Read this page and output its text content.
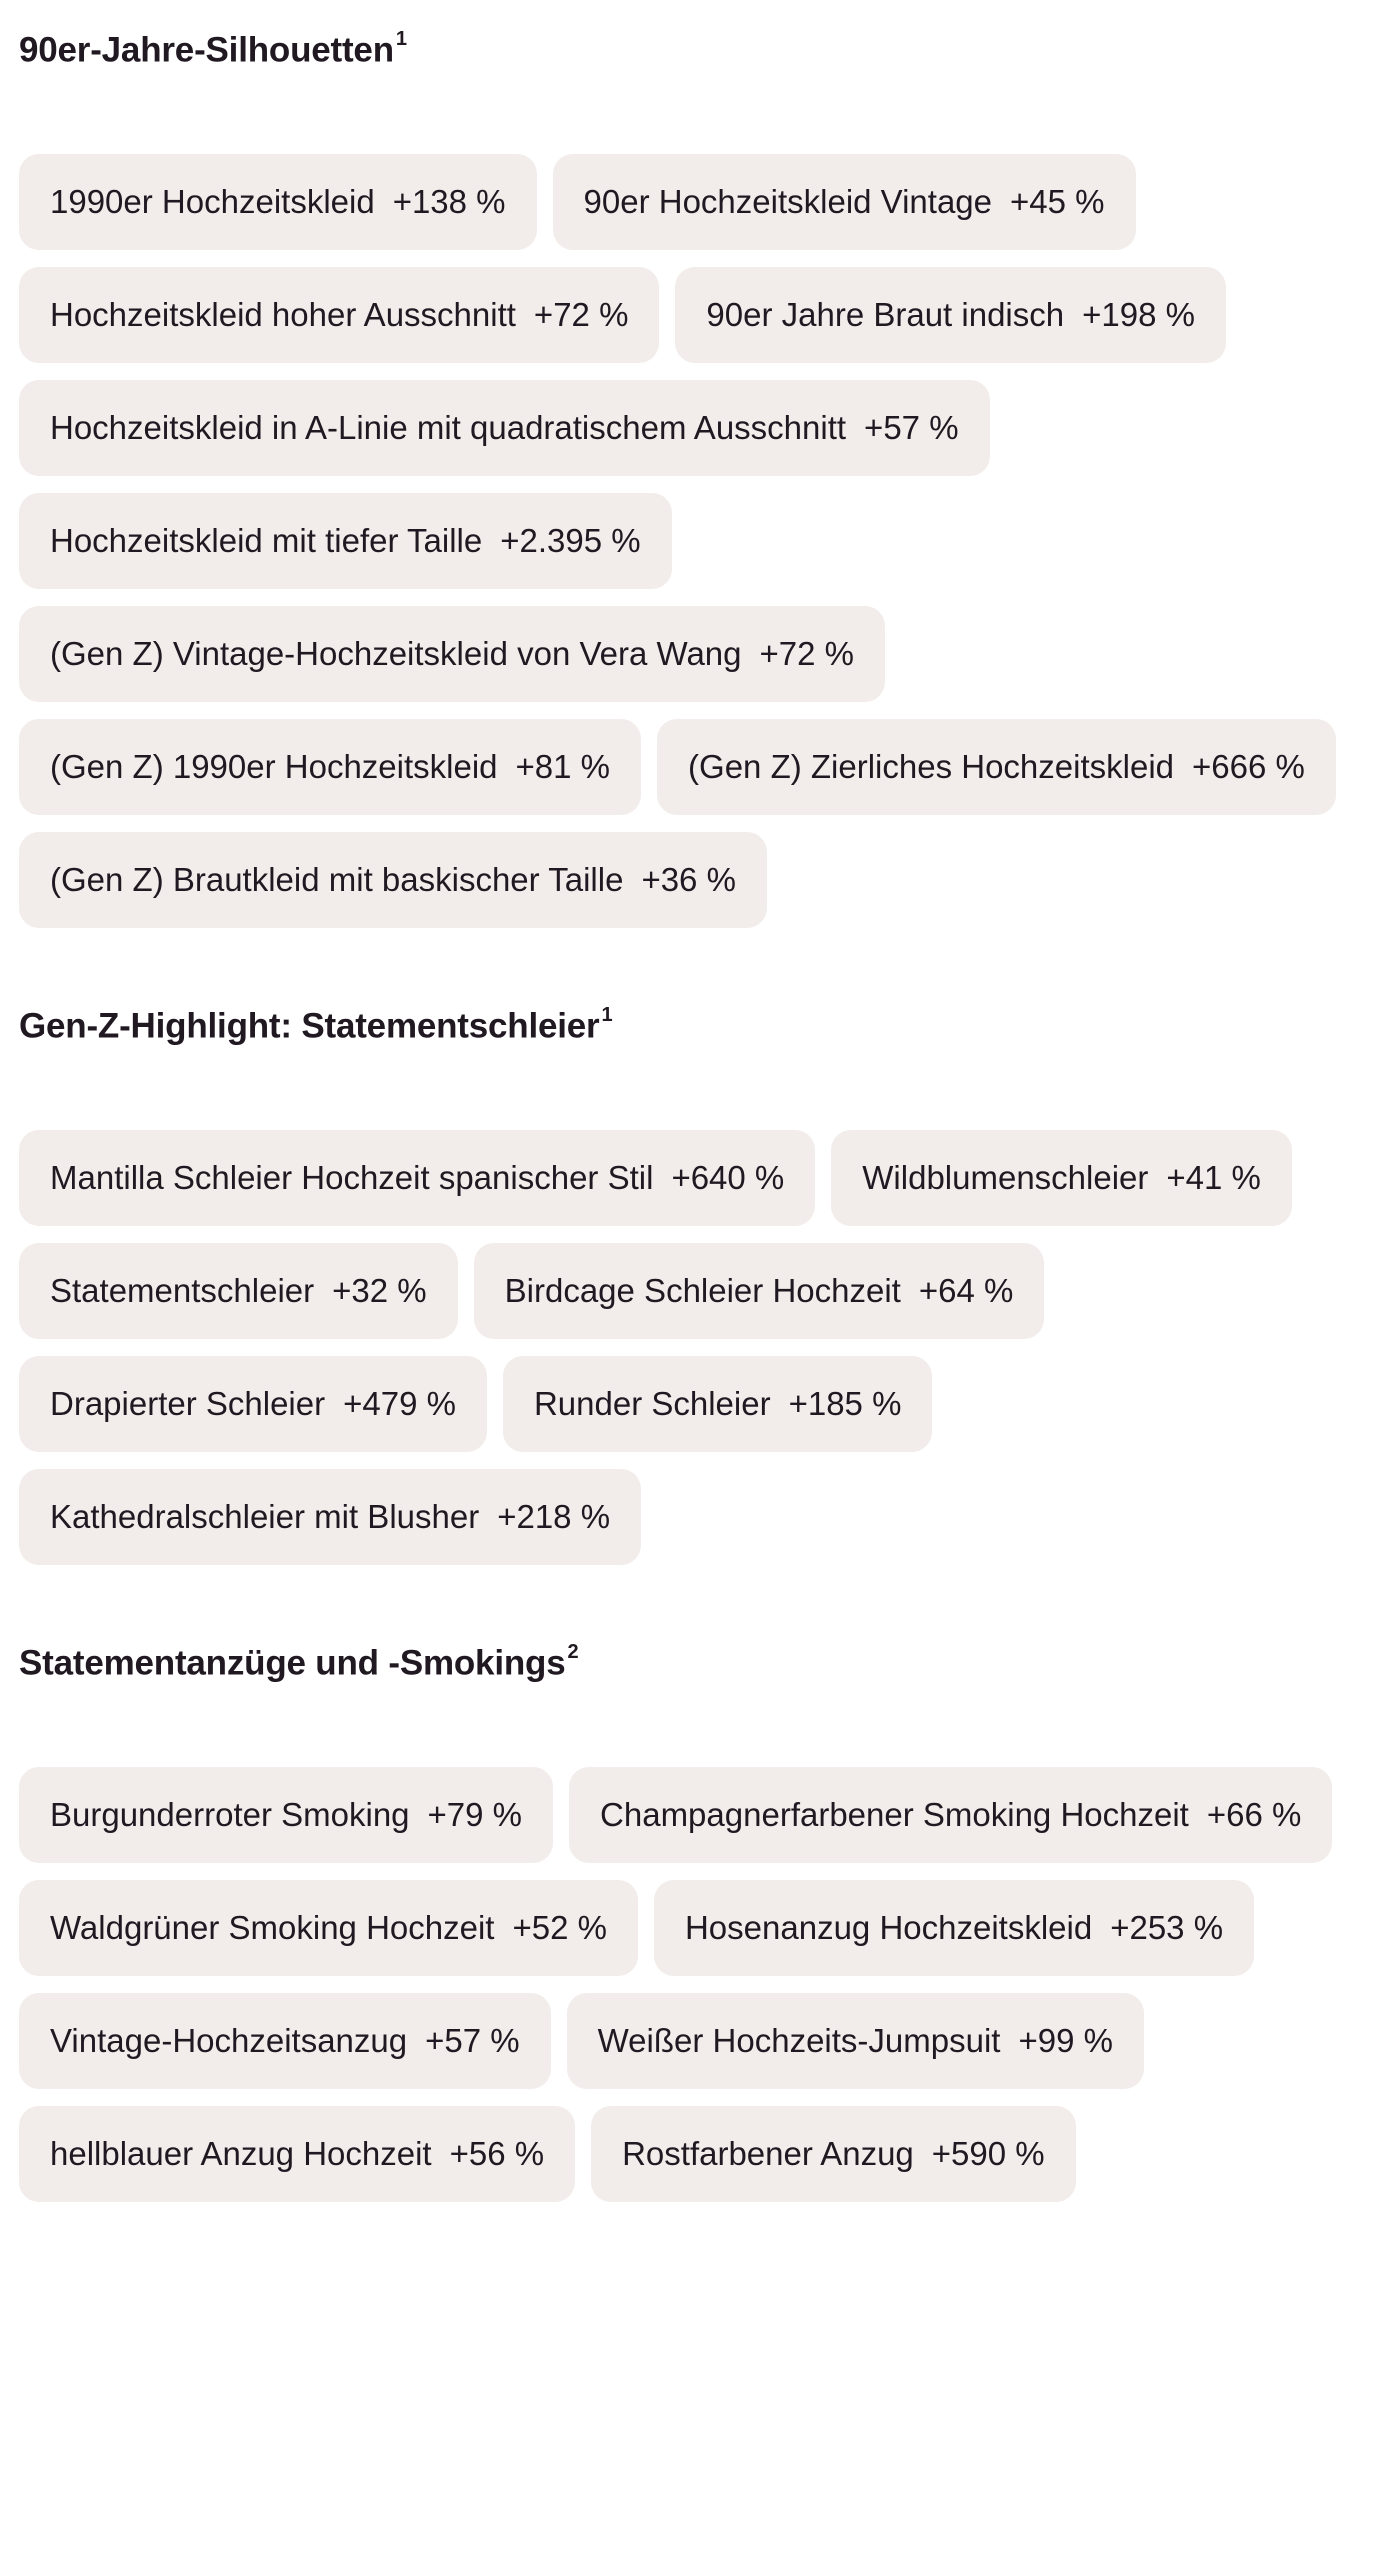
90er-Jahre-Silhouetten $^1$
1990er Hochzeitskleid +138 % 90er Hochzeitskleid Vintage +45 %
Hochzeitskleid hoher Ausschnitt +72 % 90er Jahre Braut indisch +198 %
Hochzeitskleid in A-Linie mit quadratischem Ausschnitt +57 %
Hochzeitskleid mit tiefer Taille +2.395 %
(Gen Z) Vintage-Hochzeitskleid von Vera Wang +72 %
(Gen Z) 1990er Hochzeitskleid +81 % (Gen Z) Zierliches Hochzeitskleid +666 %
(Gen Z) Brautkleid mit baskischer Taille +36 %
Gen-Z-Highlight: Statementschleier $^1$
Mantilla Schleier Hochzeit spanischer Stil +640 % Wildblumenschleier +41 %
Statementschleier +32 % Birdcage Schleier Hochzeit +64 %
Drapierter Schleier +479 % Runder Schleier +185 %
Kathedralschleier mit Blusher +218 %
Statementanzüge und -Smokings $^2$
Burgunderroter Smoking +79 % Champagnerfarbener Smoking Hochzeit +66 %
Waldgrüner Smoking Hochzeit +52 % Hosenanzug Hochzeitskleid +253 %
Vintage-Hochzeitsanzug +57 % Weißer Hochzeits-Jumpsuit +99 %
hellblauer Anzug Hochzeit +56 % Rostfarbener Anzug +590 %
